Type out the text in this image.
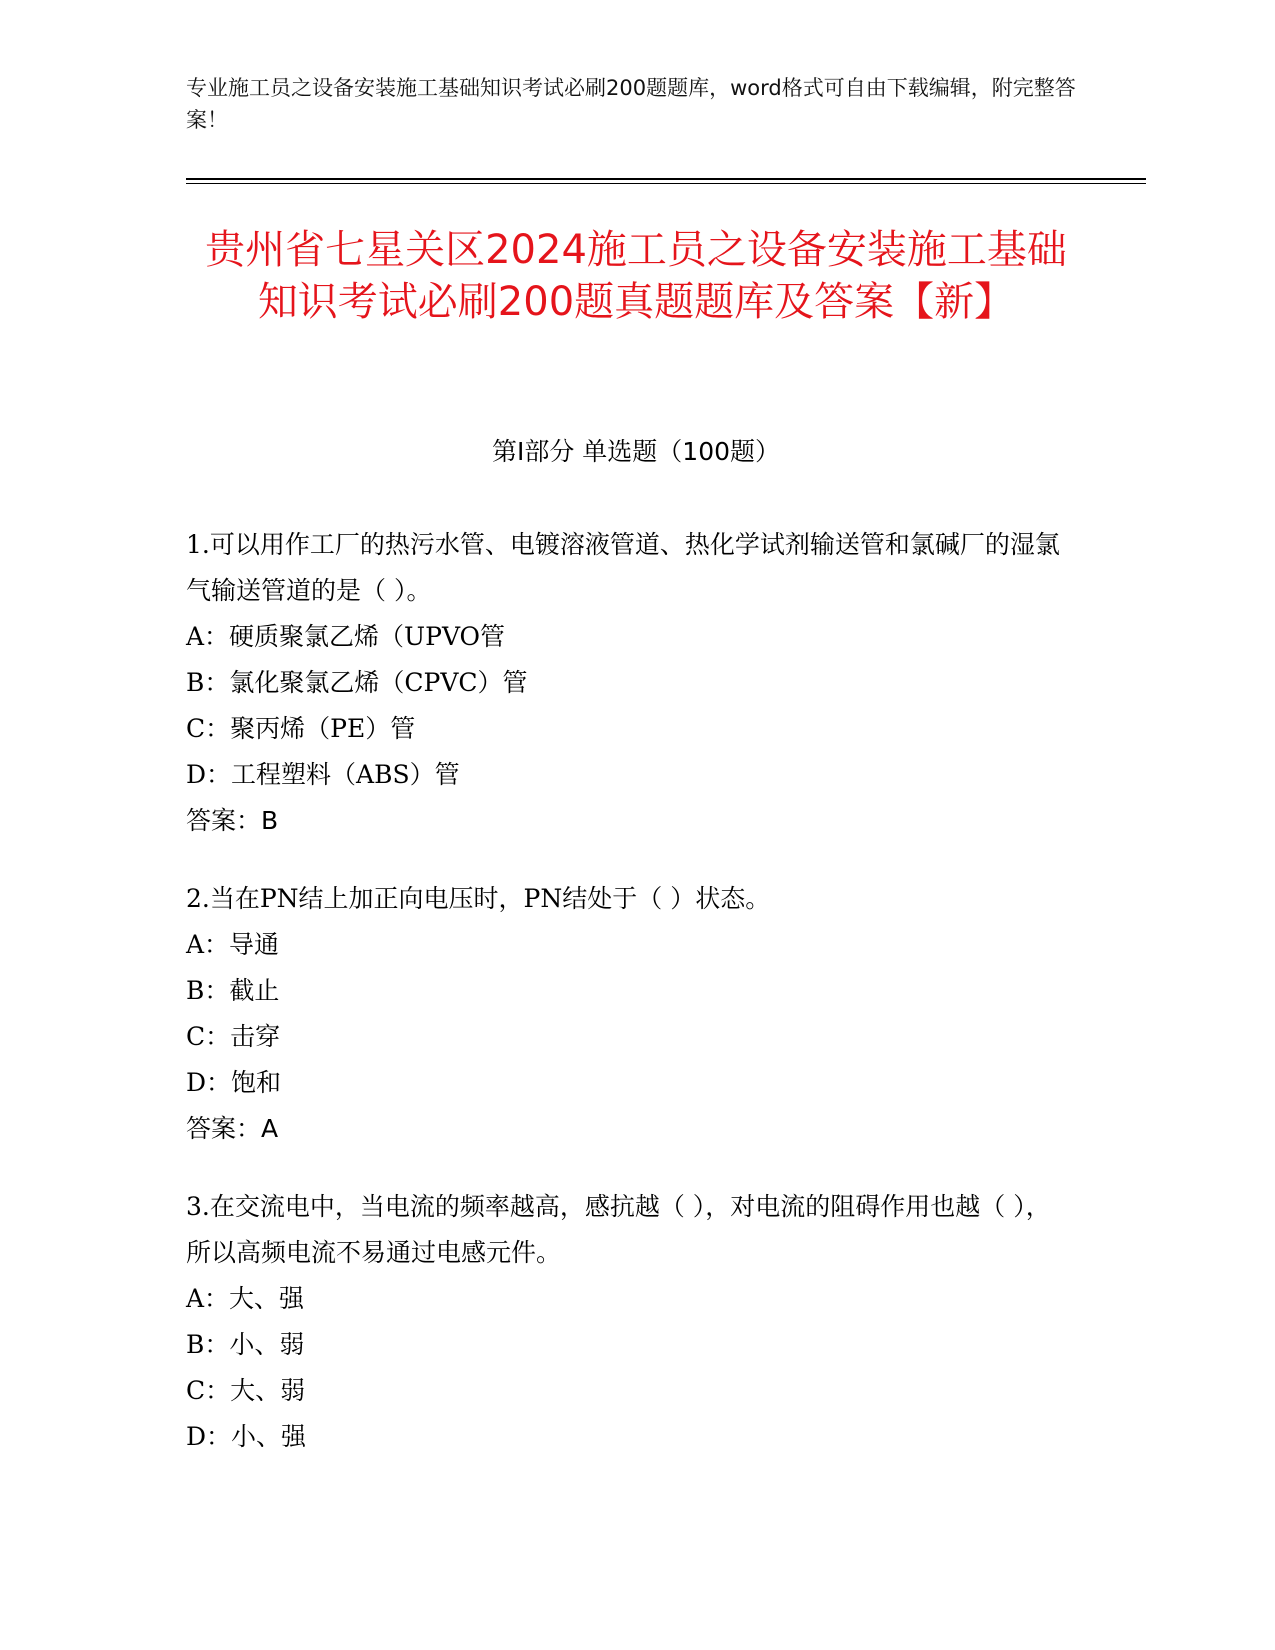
专业施工员之设备安装施工基础知识考试必刷200题题库，word格式可自由下载编辑，附完整答案！
贵州省七星关区2024施工员之设备安装施工基础知识考试必刷200题真题题库及答案【新】
第Ⅰ部分 单选题（100题）
1.可以用作工厂的热污水管、电镀溶液管道、热化学试剂输送管和氯碱厂的湿氯气输送管道的是（ ）。
A：硬质聚氯乙烯（UPVO管
B：氯化聚氯乙烯（CPVC）管
C：聚丙烯（PE）管
D：工程塑料（ABS）管
答案：B
2.当在PN结上加正向电压时，PN结处于（ ）状态。
A：导通
B：截止
C：击穿
D：饱和
答案：A
3.在交流电中，当电流的频率越高，感抗越（ ），对电流的阻碍作用也越（ ），所以高频电流不易通过电感元件。
A：大、强
B：小、弱
C：大、弱
D：小、强
